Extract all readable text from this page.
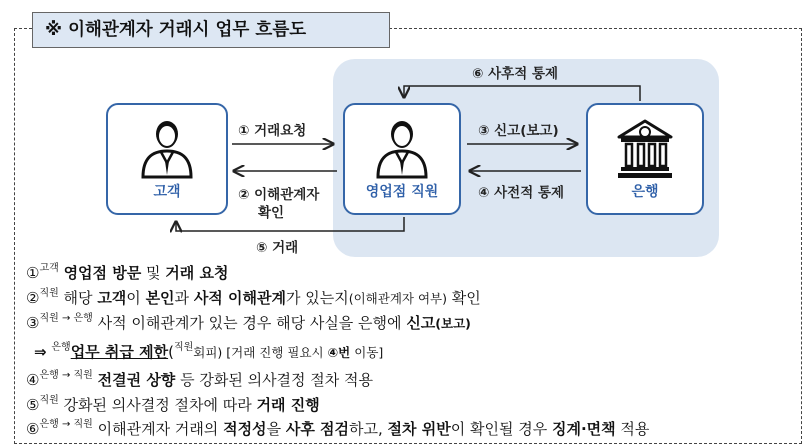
※ 이해관계자 거래시 업무 흐름도
고객	영업점 직원	은행
① 거래요청
② 이해관계자
확인
③ 신고(보고)
④ 사전적 통제
⑤ 거래
⑥ 사후적 통제
①$^{고객}$ 영업점 방문 및 거래 요청
②$^{직원}$ 해당 고객이 본인과 사적 이해관계가 있는지(이해관계자 여부) 확인
③$^{직원 \to 은행}$ 사적 이해관계가 있는 경우 해당 사실을 은행에 신고(보고)
⇒ $^{은행}$업무 취급 제한($^{직원}$회피) [거래 진행 필요시 ④번 이동]
④$^{은행 \to 직원}$ 전결권 상향 등 강화된 의사결정 절차 적용
⑤$^{직원}$ 강화된 의사결정 절차에 따라 거래 진행
⑥$^{은행 \to 직원}$ 이해관계자 거래의 적정성을 사후 점검하고, 절차 위반이 확인될 경우 징계·면책 적용
